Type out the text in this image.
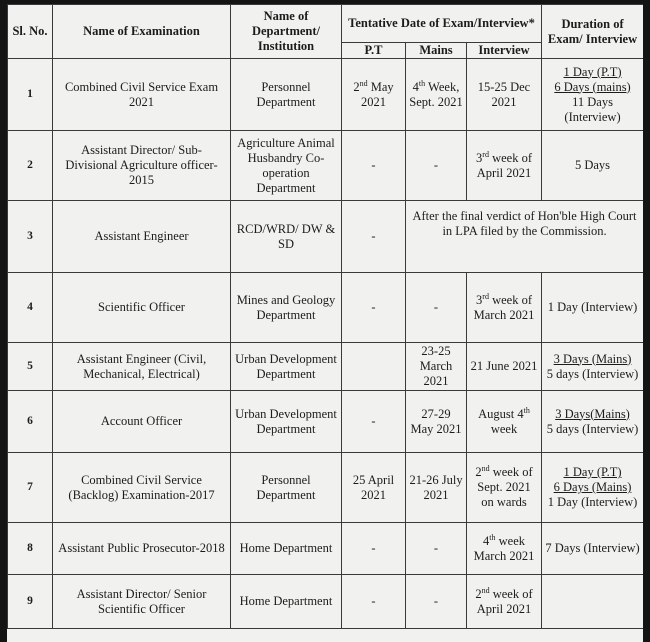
Sl. No.	Name of Examination	Name of Department/ Institution	Tentative Date of Exam/Interview*			Duration of Exam/ Interview
			P.T	Mains	Interview	
1	Combined Civil Service Exam 2021	Personnel Department	2nd May 2021	4th Week, Sept. 2021	15-25 Dec 2021	1 Day (P.T)
6 Days (mains)
11 Days (Interview)

2	Assistant Director/ Sub-Divisional Agriculture officer-2015	Agriculture Animal Husbandry Co-operation Department	-	-	3rd week of April 2021	5 Days
3	Assistant Engineer	RCD/WRD/ DW & SD	-	After the final verdict of Hon'ble High Court in LPA filed by the Commission.		
4	Scientific Officer	Mines and Geology Department	-	-	3rd week of March 2021	1 Day (Interview)
5	Assistant Engineer (Civil, Mechanical, Electrical)	Urban Development Department		23-25 March 2021	21 June 2021	3 Days (Mains)
5 days (Interview)

6	Account Officer	Urban Development Department	-	27-29 May 2021	August 4th week	3 Days(Mains)
5 days (Interview)

7	Combined Civil Service (Backlog) Examination-2017	Personnel Department	25 April 2021	21-26 July 2021	2nd week of Sept. 2021 on wards	1 Day (P.T)
6 Days (Mains)
1 Day (Interview)

8	Assistant Public Prosecutor-2018	Home Department	-	-	4th week March 2021	7 Days (Interview)
9	Assistant Director/ Senior Scientific Officer	Home Department	-	-	2nd week of April 2021	
